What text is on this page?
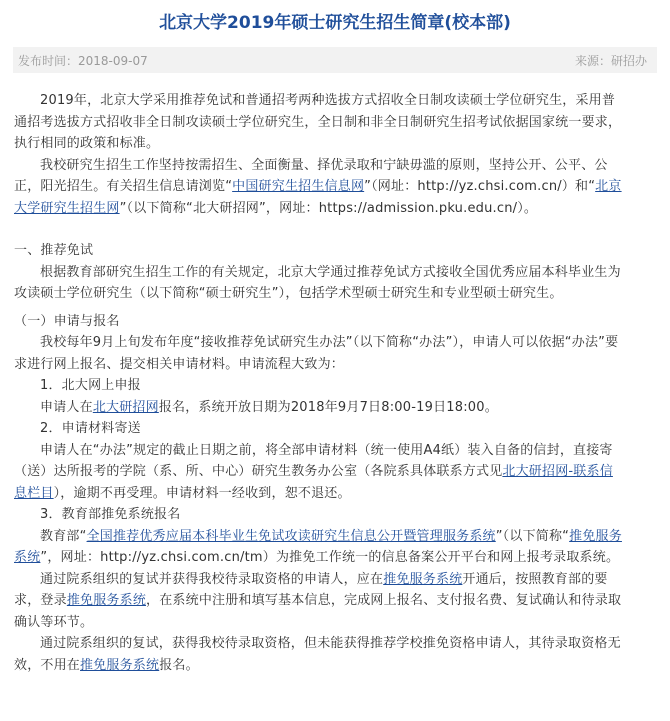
北京大学2019年硕士研究生招生简章(校本部)
发布时间：2018-09-07	来源：研招办

2019年，北京大学采用推荐免试和普通招考两种选拔方式招收全日制攻读硕士学位研究生，采用普通招考选拔方式招收非全日制攻读硕士学位研究生，全日制和非全日制研究生招考试依据国家统一要求，执行相同的政策和标准。

我校研究生招生工作坚持按需招生、全面衡量、择优录取和宁缺毋滥的原则，坚持公开、公平、公正，阳光招生。有关招生信息请浏览“中国研究生招生信息网”（网址：http://yz.chsi.com.cn/）和“北京大学研究生招生网”（以下简称“北大研招网”，网址：https://admission.pku.edu.cn/）。

一、推荐免试

根据教育部研究生招生工作的有关规定，北京大学通过推荐免试方式接收全国优秀应届本科毕业生为攻读硕士学位研究生（以下简称“硕士研究生”），包括学术型硕士研究生和专业型硕士研究生。

（一）申请与报名

我校每年9月上旬发布年度“接收推荐免试研究生办法”（以下简称“办法”），申请人可以依据“办法”要求进行网上报名、提交相关申请材料。申请流程大致为：

1．北大网上申报

申请人在北大研招网报名，系统开放日期为2018年9月7日8:00-19日18:00。

2．申请材料寄送

申请人在“办法”规定的截止日期之前，将全部申请材料（统一使用A4纸）装入自备的信封，直接寄（送）达所报考的学院（系、所、中心）研究生教务办公室（各院系具体联系方式见北大研招网-联系信息栏目），逾期不再受理。申请材料一经收到，恕不退还。

3．教育部推免系统报名

教育部“全国推荐优秀应届本科毕业生免试攻读研究生信息公开暨管理服务系统”（以下简称“推免服务系统”，网址：http://yz.chsi.com.cn/tm）为推免工作统一的信息备案公开平台和网上报考录取系统。

通过院系组织的复试并获得我校待录取资格的申请人，应在推免服务系统开通后，按照教育部的要求，登录推免服务系统，在系统中注册和填写基本信息，完成网上报名、支付报名费、复试确认和待录取确认等环节。

通过院系组织的复试，获得我校待录取资格，但未能获得推荐学校推免资格申请人，其待录取资格无效，不用在推免服务系统报名。
